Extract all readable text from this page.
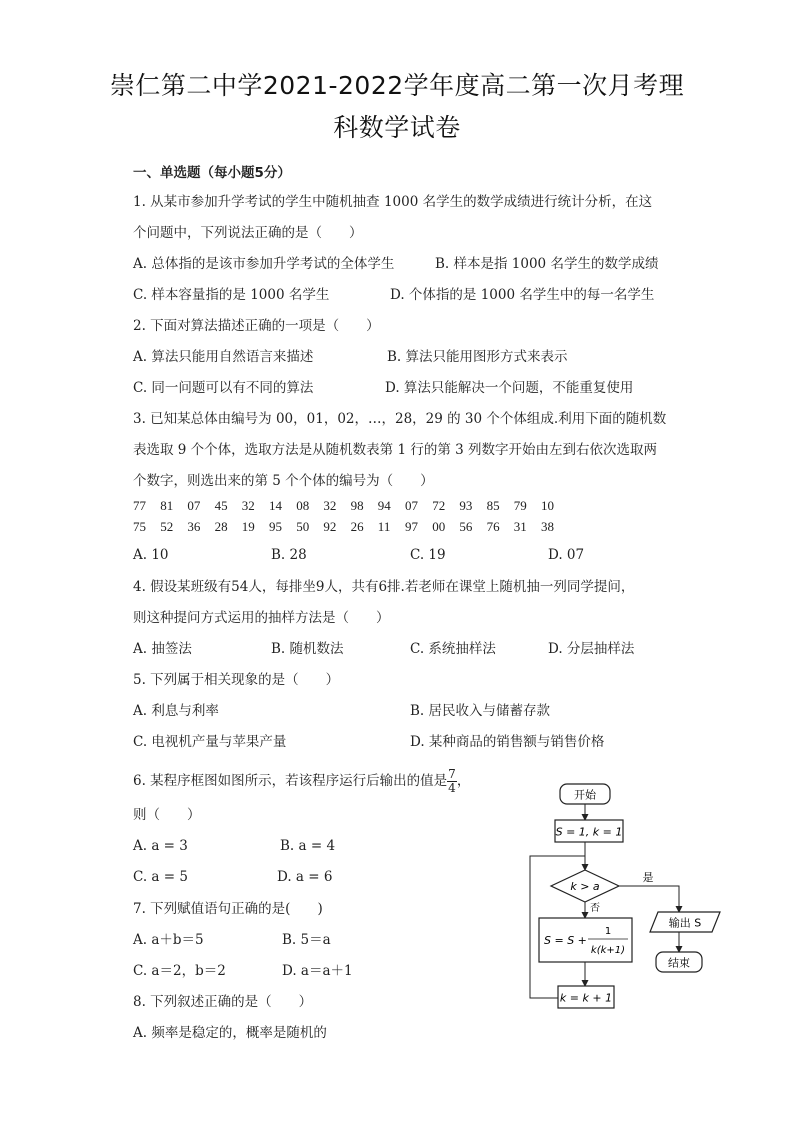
崇仁第二中学2021-2022学年度高二第一次月考理
科数学试卷
一、单选题（每小题5分）
1. 从某市参加升学考试的学生中随机抽查 1000 名学生的数学成绩进行统计分析，在这
个问题中，下列说法正确的是（　　）
A. 总体指的是该市参加升学考试的全体学生	B. 样本是指 1000 名学生的数学成绩
C. 样本容量指的是 1000 名学生	D. 个体指的是 1000 名学生中的每一名学生
2. 下面对算法描述正确的一项是（　　）
A. 算法只能用自然语言来描述	B. 算法只能用图形方式来表示
C. 同一问题可以有不同的算法	D. 算法只能解决一个问题，不能重复使用
3. 已知某总体由编号为 00，01，02，…，28，29 的 30 个个体组成.利用下面的随机数
表选取 9 个个体，选取方法是从随机数表第 1 行的第 3 列数字开始由左到右依次选取两
个数字，则选出来的第 5 个个体的编号为（　　）
77	81	07	45	32	14	08	32	98	94	07	72	93	85	79	10
75	52	36	28	19	95	50	92	26	11	97	00	56	76	31	38
A. 10	B. 28	C. 19	D. 07
4. 假设某班级有54人，每排坐9人，共有6排.若老师在课堂上随机抽一列同学提问，
则这种提问方式运用的抽样方法是（　　）
A. 抽签法	B. 随机数法	C. 系统抽样法	D. 分层抽样法
5. 下列属于相关现象的是（　　）
A. 利息与利率	B. 居民收入与储蓄存款
C. 电视机产量与苹果产量	D. 某种商品的销售额与销售价格
6. 某程序框图如图所示，若该程序运行后输出的值是 $\frac{7}{4}$ ，
则（　　）
A. a = 3	B. a = 4
C. a = 5	D. a = 6
7. 下列赋值语句正确的是(　　)
A. a＋b＝5	B. 5＝a
C. a＝2，b＝2	D. a＝a＋1
8. 下列叙述正确的是（　　）
A. 频率是稳定的，概率是随机的
开始
S = 1, k = 1
k > a
是
否
S = S +
1
k(k+1)
k = k + 1
输出 S
结束
